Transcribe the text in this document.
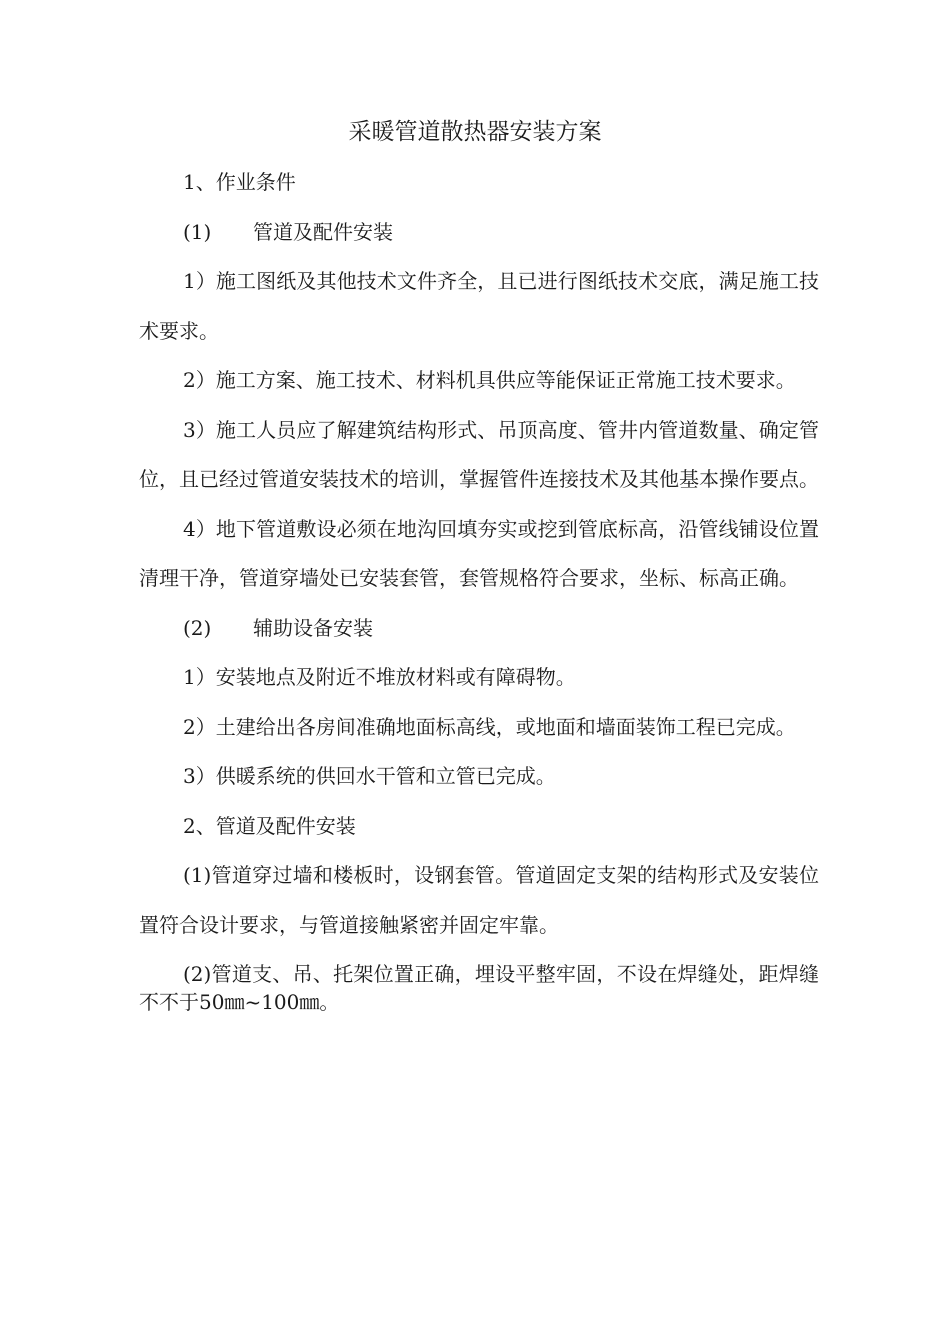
采暖管道散热器安装方案

1、作业条件

(1) 管道及配件安装

1）施工图纸及其他技术文件齐全，且已进行图纸技术交底，满足施工技术要求。

2）施工方案、施工技术、材料机具供应等能保证正常施工技术要求。

3）施工人员应了解建筑结构形式、吊顶高度、管井内管道数量、确定管位，且已经过管道安装技术的培训，掌握管件连接技术及其他基本操作要点。

4）地下管道敷设必须在地沟回填夯实或挖到管底标高，沿管线铺设位置清理干净，管道穿墙处已安装套管，套管规格符合要求，坐标、标高正确。

(2) 辅助设备安装

1）安装地点及附近不堆放材料或有障碍物。

2）土建给出各房间准确地面标高线，或地面和墙面装饰工程已完成。

3）供暖系统的供回水干管和立管已完成。

2、管道及配件安装

(1)管道穿过墙和楼板时，设钢套管。管道固定支架的结构形式及安装位置符合设计要求，与管道接触紧密并固定牢靠。

(2)管道支、吊、托架位置正确，埋设平整牢固，不设在焊缝处，距焊缝不不于50㎜~100㎜。
